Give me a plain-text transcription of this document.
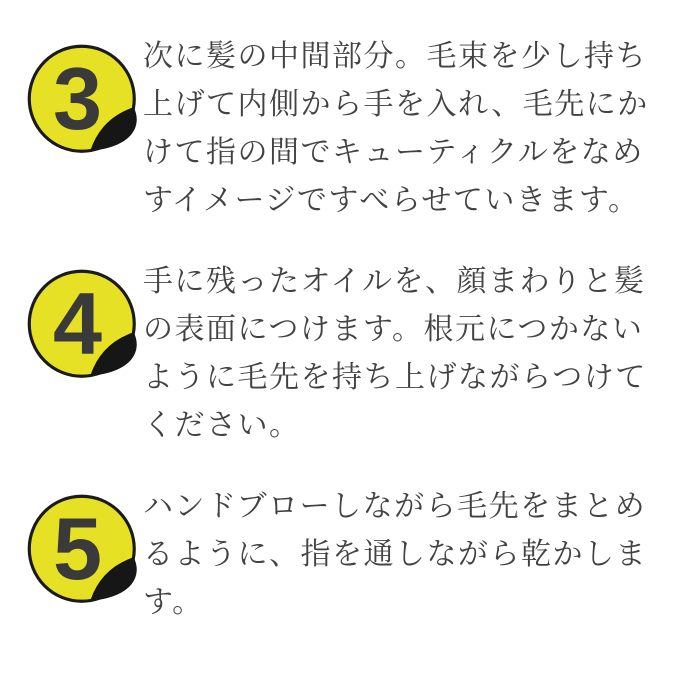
3 次に髪の中間部分。毛束を少し持ち上げて内側から手を入れ、毛先にかけて指の間でキューティクルをなめすイメージですべらせていきます。

4 手に残ったオイルを、顔まわりと髪の表面につけます。根元につかないように毛先を持ち上げながらつけてください。

5 ハンドブローしながら毛先をまとめるように、指を通しながら乾かします。
